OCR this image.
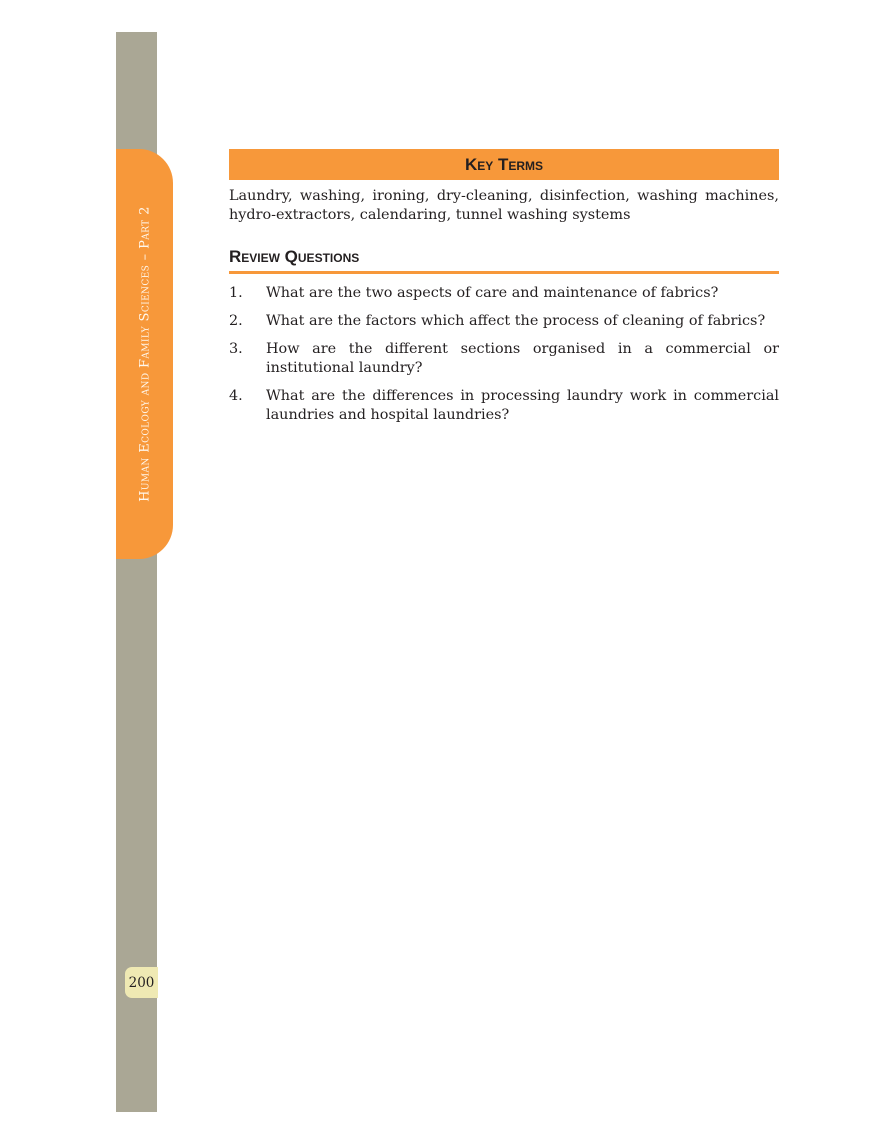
Human Ecology and Family Sciences – Part 2
200
Key Terms
Laundry, washing, ironing, dry-cleaning, disinfection, washing machines, hydro-extractors, calendaring, tunnel washing systems
Review Questions
1.	What are the two aspects of care and maintenance of fabrics?
2.	What are the factors which affect the process of cleaning of fabrics?
3.	How are the different sections organised in a commercial or institutional laundry?
4.	What are the differences in processing laundry work in commercial laundries and hospital laundries?
